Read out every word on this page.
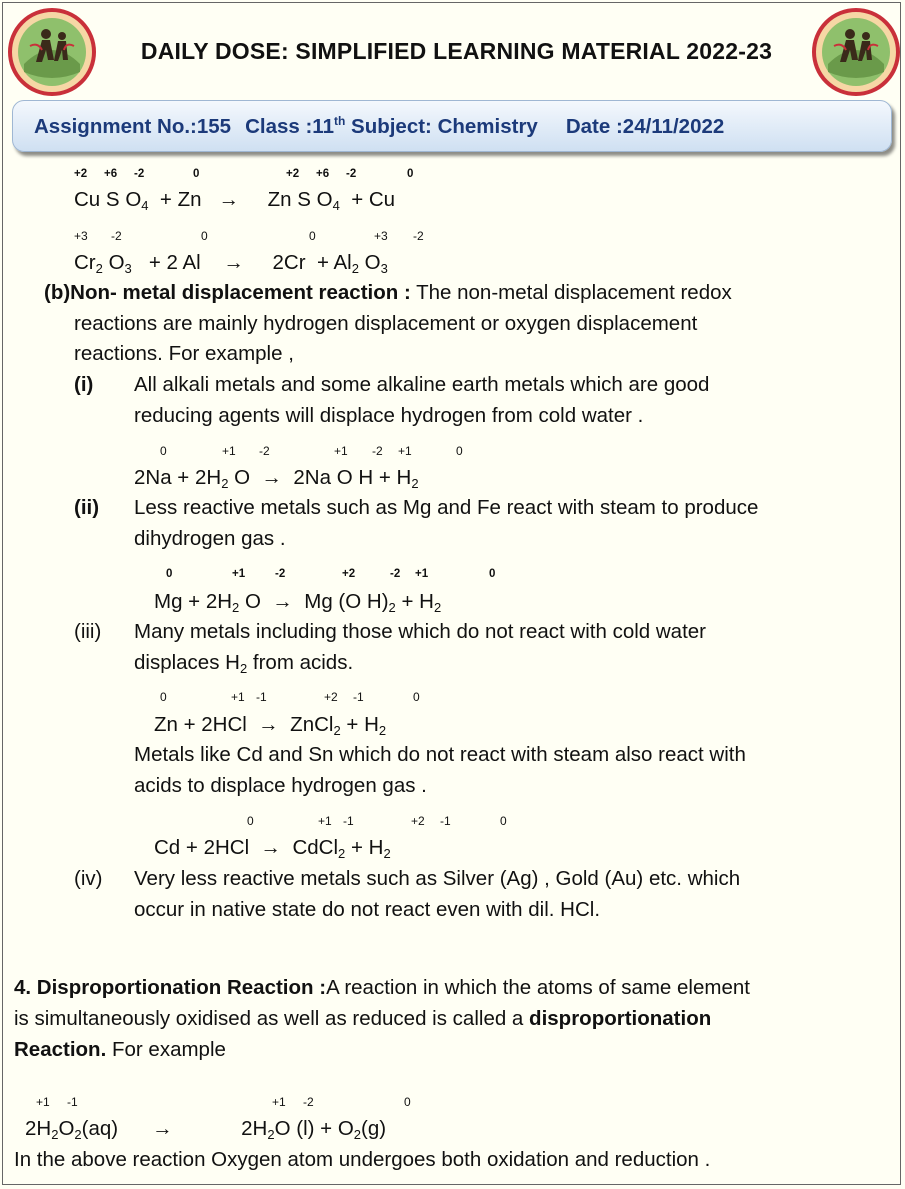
DAILY DOSE: SIMPLIFIED LEARNING MATERIAL 2022-23
Assignment No.:155 Class :11th Subject: Chemistry Date :24/11/2022
+2 +6 -2	0	+2 +6 -2	0
Cu S $O_4 + Zn \to Zn$ S $O_4 + Cu$
+3 -2	0	0	+3 -2
$Cr_2$ $O_3 + 2$ $Al \to 2Cr + Al_2$ $O_3$
(b)Non- metal displacement reaction : The non-metal displacement redox
reactions are mainly hydrogen displacement or oxygen displacement
reactions. For example ,
(i) All alkali metals and some alkaline earth metals which are good
reducing agents will displace hydrogen from cold water .
0	+1 -2	+1 -2 +1	0
$2Na + 2H_2$ O → 2Na O $H + H_2$
(ii) Less reactive metals such as Mg and Fe react with steam to produce
dihydrogen gas .
0	+1	-2	+2	-2 +1	0
$Mg + 2H_2$ O → Mg (O $H)_2 + H_2$
(iii) Many metals including those which do not react with cold water
displaces $H_2$ from acids.
0	+1 -1	+2 -1	0
Zn + 2HCl → ZnCl$_2$ + $H_2$
Metals like Cd and Sn which do not react with steam also react with
acids to displace hydrogen gas .
0	+1 -1	+2 -1	0
Cd + 2HCl → CdCl$_2$ + $H_2$
(iv) Very less reactive metals such as Silver (Ag) , Gold (Au) etc. which
occur in native state do not react even with dil. HCl.
4. Disproportionation Reaction :A reaction in which the atoms of same element
is simultaneously oxidised as well as reduced is called a disproportionation
Reaction. For example
+1 -1	+1 -2	0
$2H_2O_2(aq)$ →	$2H_2O$ $(l) + O_2(g)$
In the above reaction Oxygen atom undergoes both oxidation and reduction .
